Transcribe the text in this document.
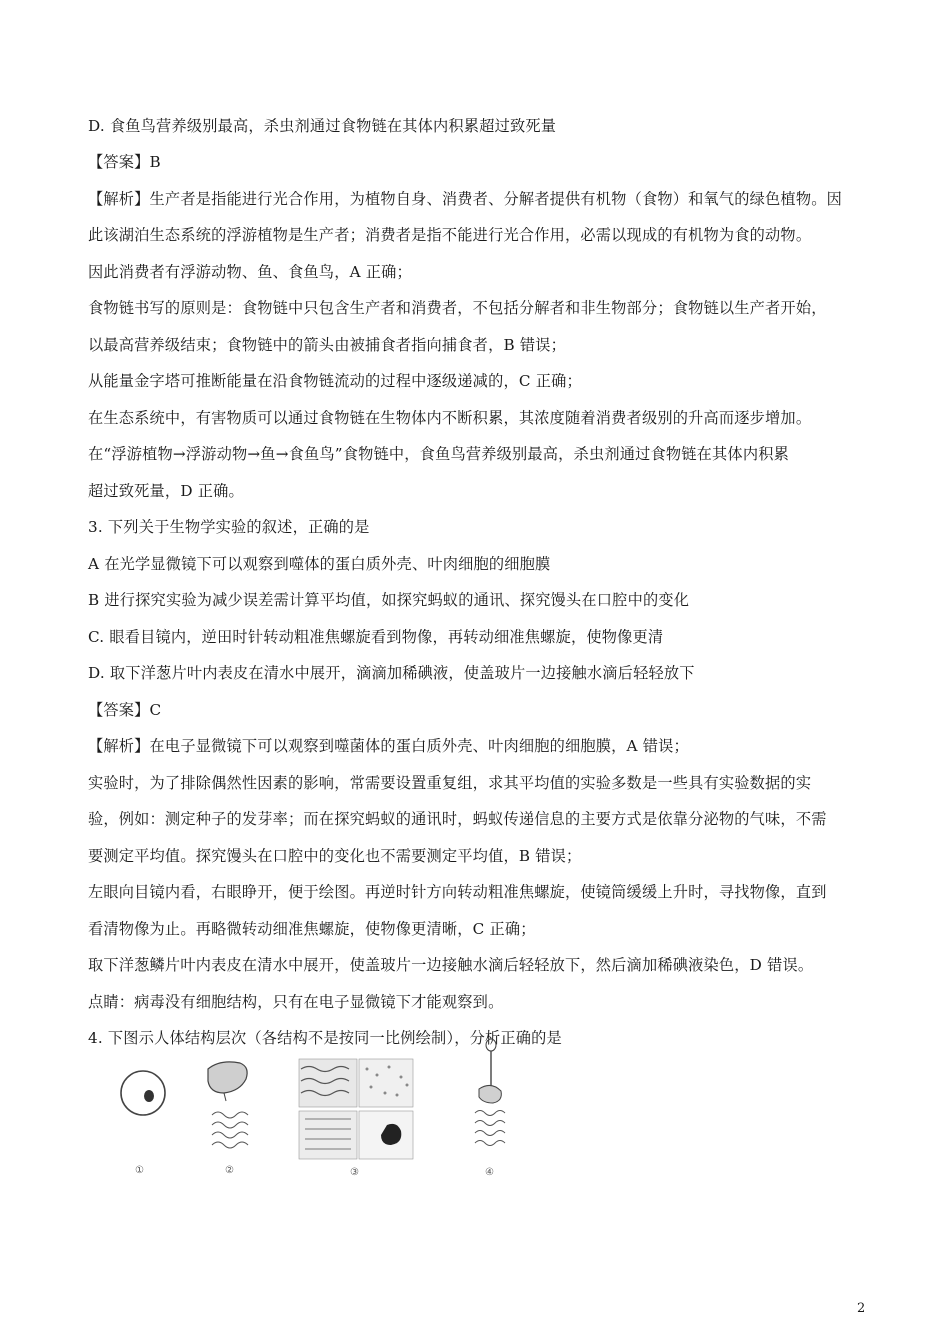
D. 食鱼鸟营养级别最高，杀虫剂通过食物链在其体内积累超过致死量
【答案】B
【解析】生产者是指能进行光合作用，为植物自身、消费者、分解者提供有机物（食物）和氧气的绿色植物。因
此该湖泊生态系统的浮游植物是生产者；消费者是指不能进行光合作用，必需以现成的有机物为食的动物。
因此消费者有浮游动物、鱼、食鱼鸟，A 正确；
食物链书写的原则是：食物链中只包含生产者和消费者，不包括分解者和非生物部分；食物链以生产者开始，
以最高营养级结束；食物链中的箭头由被捕食者指向捕食者，B 错误；
从能量金字塔可推断能量在沿食物链流动的过程中逐级递减的，C 正确；
在生态系统中，有害物质可以通过食物链在生物体内不断积累，其浓度随着消费者级别的升高而逐步增加。
在“浮游植物→浮游动物→鱼→食鱼鸟”食物链中，食鱼鸟营养级别最高，杀虫剂通过食物链在其体内积累
超过致死量，D 正确。
3. 下列关于生物学实验的叙述，正确的是
A 在光学显微镜下可以观察到噬体的蛋白质外壳、叶肉细胞的细胞膜
B 进行探究实验为减少误差需计算平均值，如探究蚂蚁的通讯、探究馒头在口腔中的变化
C. 眼看目镜内，逆田时针转动粗准焦螺旋看到物像，再转动细准焦螺旋，使物像更清
D. 取下洋葱片叶内表皮在清水中展开，滴滴加稀碘液，使盖玻片一边接触水滴后轻轻放下
【答案】C
【解析】在电子显微镜下可以观察到噬菌体的蛋白质外壳、叶肉细胞的细胞膜，A 错误；
实验时，为了排除偶然性因素的影响，常需要设置重复组，求其平均值的实验多数是一些具有实验数据的实
验，例如：测定种子的发芽率；而在探究蚂蚁的通讯时，蚂蚁传递信息的主要方式是依靠分泌物的气味，不需
要测定平均值。探究馒头在口腔中的变化也不需要测定平均值，B 错误；
左眼向目镜内看，右眼睁开，便于绘图。再逆时针方向转动粗准焦螺旋，使镜筒缓缓上升时，寻找物像，直到
看清物像为止。再略微转动细准焦螺旋，使物像更清晰，C 正确；
取下洋葱鳞片叶内表皮在清水中展开，使盖玻片一边接触水滴后轻轻放下，然后滴加稀碘液染色，D 错误。
点睛：病毒没有细胞结构，只有在电子显微镜下才能观察到。
4. 下图示人体结构层次（各结构不是按同一比例绘制），分析正确的是
①	②	③	④
2
